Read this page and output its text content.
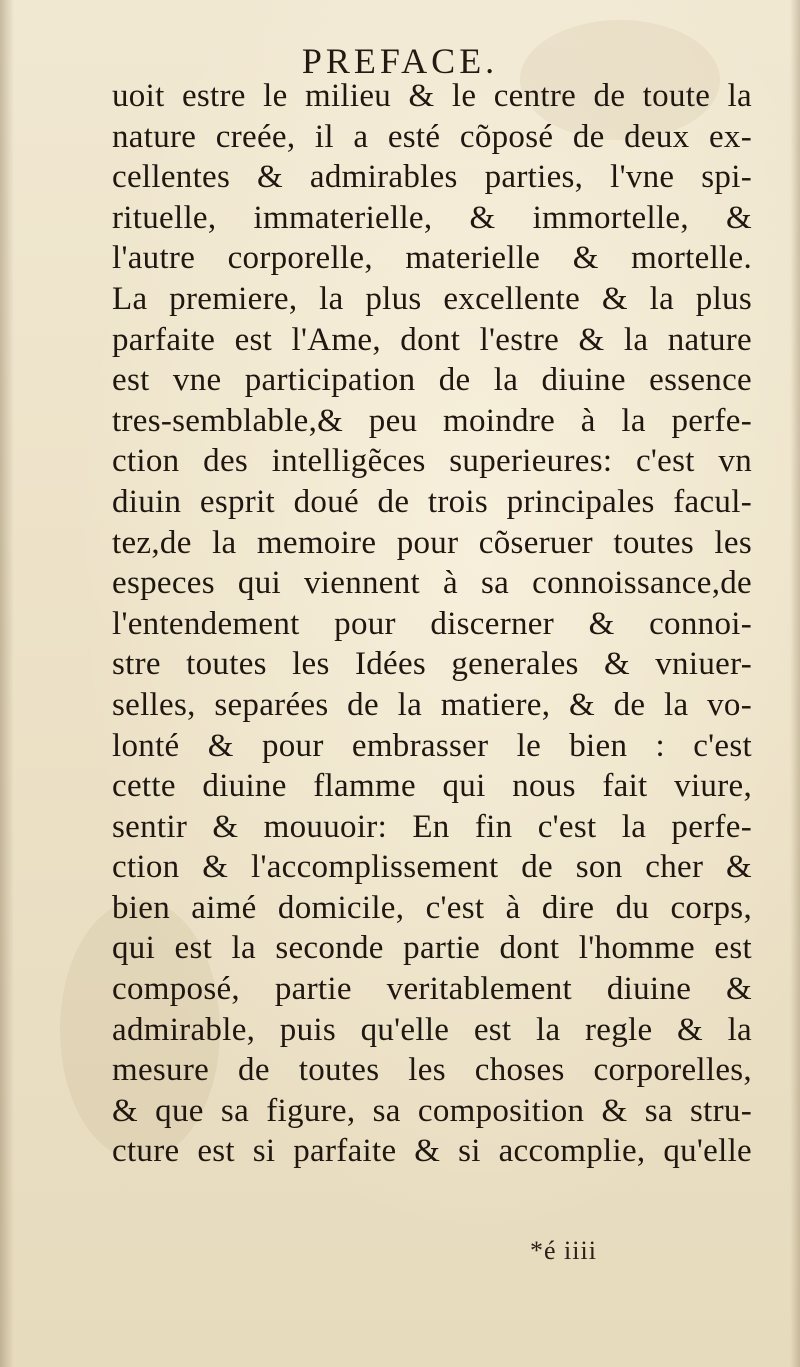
PREFACE.
uoit estre le milieu & le centre de toute la
nature creée, il a esté cõposé de deux ex-
cellentes & admirables parties, l'vne spi-
rituelle, immaterielle, & immortelle, &
l'autre corporelle, materielle & mortelle.
La premiere, la plus excellente & la plus
parfaite est l'Ame, dont l'estre & la nature
est vne participation de la diuine essence
tres-semblable,& peu moindre à la perfe-
ction des intelligẽces superieures: c'est vn
diuin esprit doué de trois principales facul-
tez,de la memoire pour cõseruer toutes les
especes qui viennent à sa connoissance,de
l'entendement pour discerner & connoi-
stre toutes les Idées generales & vniuer-
selles, separées de la matiere, & de la vo-
lonté & pour embrasser le bien : c'est
cette diuine flamme qui nous fait viure,
sentir & mouuoir: En fin c'est la perfe-
ction & l'accomplissement de son cher &
bien aimé domicile, c'est à dire du corps,
qui est la seconde partie dont l'homme est
composé, partie veritablement diuine &
admirable, puis qu'elle est la regle & la
mesure de toutes les choses corporelles,
& que sa figure, sa composition & sa stru-
cture est si parfaite & si accomplie, qu'elle
*é iiii
